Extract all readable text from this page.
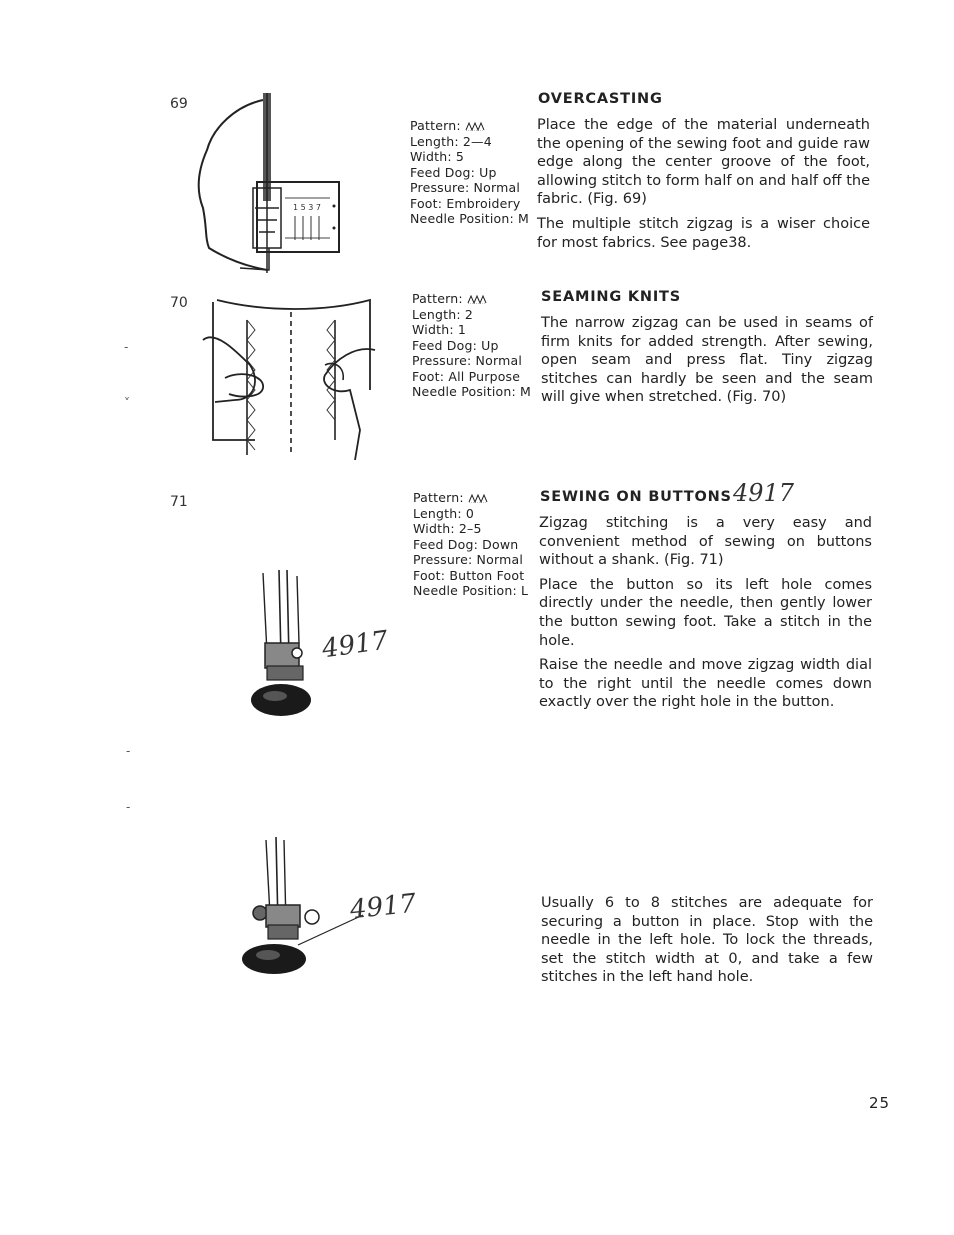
69
1 5 3 7
Pattern:
Length: 2—4
Width: 5
Feed Dog: Up
Pressure: Normal
Foot: Embroidery
Needle Position: M
OVERCASTING

Place the edge of the material underneath the opening of the sewing foot and guide raw edge along the center groove of the foot, allowing stitch to form half on and half off the fabric. (Fig. 69)

The multiple stitch zigzag is a wiser choice for most fabrics. See page38.

70	Pattern:
Length: 2
Width: 1
Feed Dog: Up
Pressure: Normal
Foot: All Purpose
Needle Position: M
SEAMING KNITS

The narrow zigzag can be used in seams of firm knits for added strength. After sewing, open seam and press flat. Tiny zigzag stitches can hardly be seen and the seam will give when stretched. (Fig. 70)

71
4917
Pattern:
Length: 0
Width: 2–5
Feed Dog: Down
Pressure: Normal
Foot: Button Foot
Needle Position: L
SEWING ON BUTTONS 4917

Zigzag stitching is a very easy and convenient method of sewing on buttons without a shank. (Fig. 71)

Place the button so its left hole comes directly under the needle, then gently lower the button sewing foot. Take a stitch in the hole.

Raise the needle and move zigzag width dial to the right until the needle comes down exactly over the right hole in the button.

4917	Usually 6 to 8 stitches are adequate for securing a button in place. Stop with the needle in the left hole. To lock the threads, set the stitch width at 0, and take a few stitches in the left hand hole.

-
˅
-
-
25
